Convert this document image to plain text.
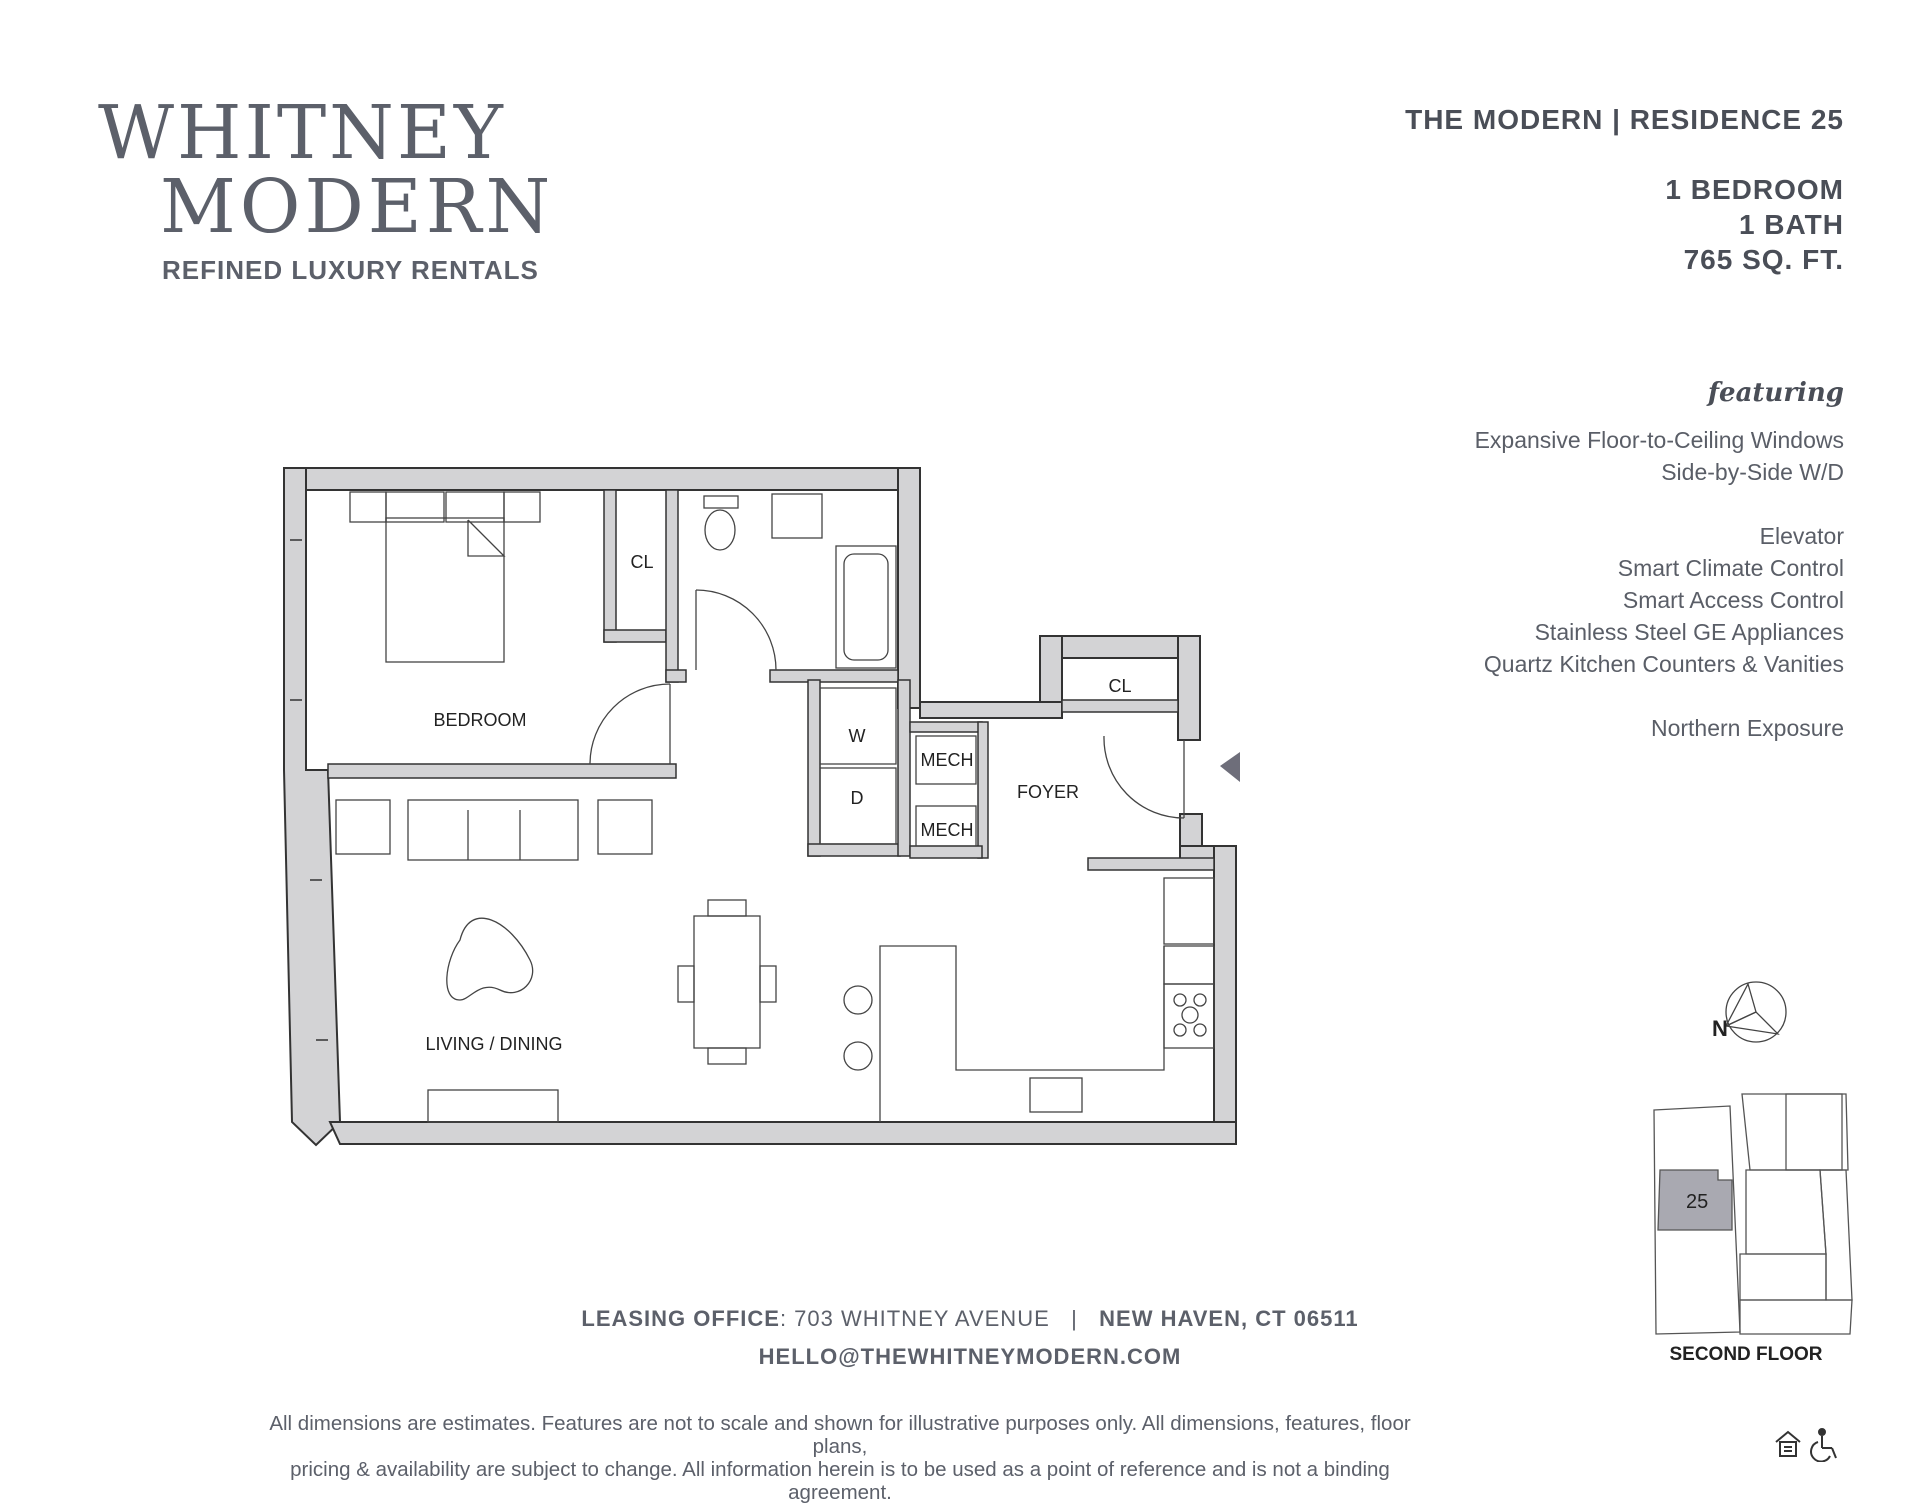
WHITNEY
MODERN
REFINED LUXURY RENTALS
THE MODERN | RESIDENCE 25
1 BEDROOM
1 BATH
765 SQ. FT.
featuring
Expansive Floor-to-Ceiling Windows
Side-by-Side W/D
Elevator
Smart Climate Control
Smart Access Control
Stainless Steel GE Appliances
Quartz Kitchen Counters & Vanities
Northern Exposure
BEDROOM
LIVING / DINING
FOYER
CL
CL
W
D
MECH
MECH
N
25
SECOND FLOOR
LEASING OFFICE: 703 WHITNEY AVENUE | NEW HAVEN, CT 06511
HELLO@THEWHITNEYMODERN.COM
All dimensions are estimates. Features are not to scale and shown for illustrative purposes only. All dimensions, features, floor plans,
pricing & availability are subject to change. All information herein is to be used as a point of reference and is not a binding agreement.
